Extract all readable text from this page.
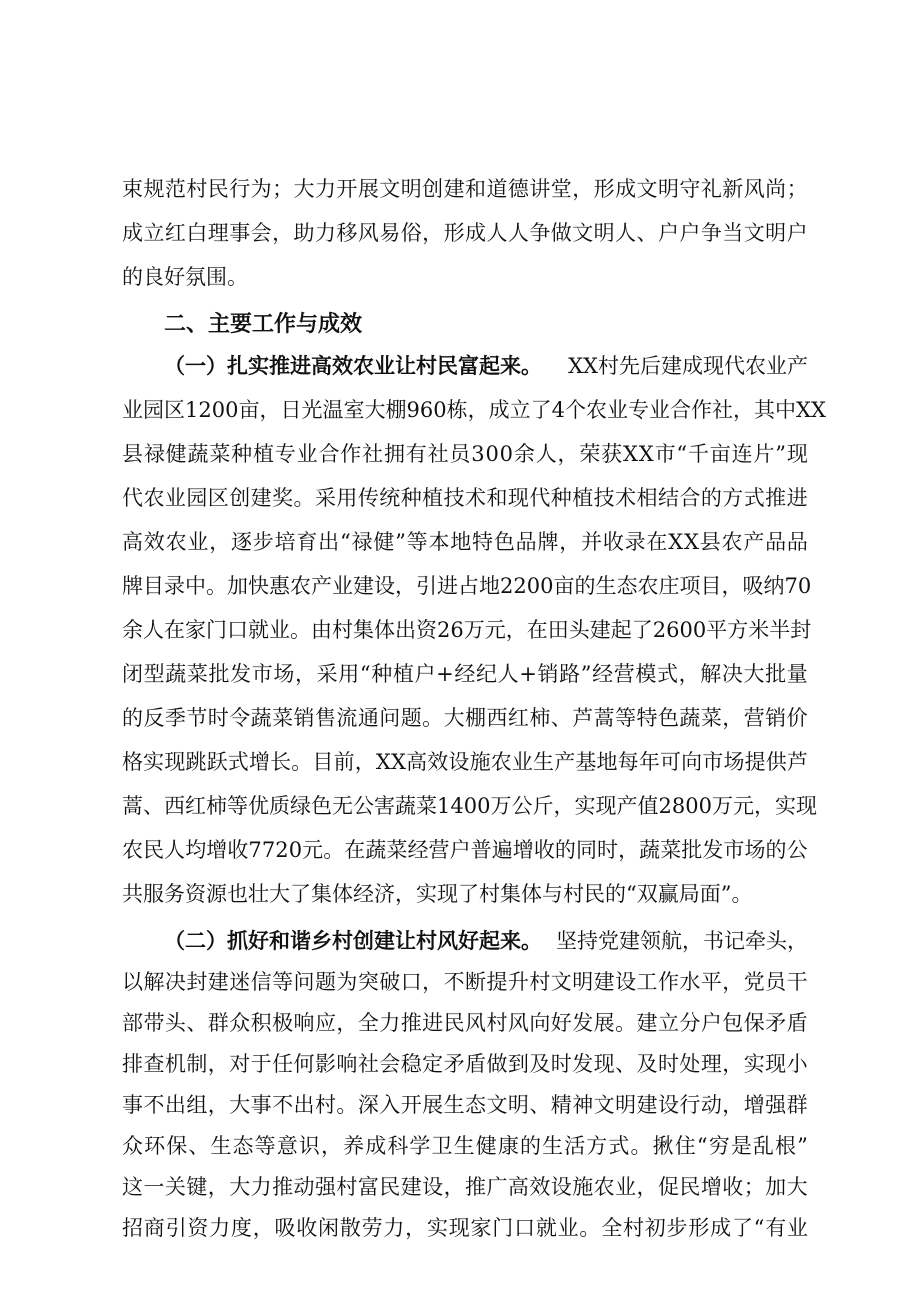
束 规 范 村 民 行 为 ； 大 力 开 展 文 明 创 建 和 道 德 讲 堂 ， 形 成 文 明 守 礼 新 风 尚 ；
成 立 红 白 理 事 会 ， 助 力 移 风 易 俗 ， 形 成 人 人 争 做 文 明 人 、 户 户 争 当 文 明 户
的良好氛围。
二、主要工作与成效
（一）扎实推进高效农业让村民富起来。 XX村先后建成现代农业产
业 园 区 1 2 0 0 亩 ， 日 光 温 室 大 棚 9 6 0 栋 ， 成 立 了 4 个 农 业 专 业 合 作 社 ， 其 中 X X
县 禄 健 蔬 菜 种 植 专 业 合 作 社 拥 有 社 员 3 0 0 余 人 ， 荣 获 X X 市 “ 千 亩 连 片 ” 现
代 农 业 园 区 创 建 奖 。 采 用 传 统 种 植 技 术 和 现 代 种 植 技 术 相 结 合 的 方 式 推 进
高 效 农 业 ， 逐 步 培 育 出 “ 禄 健 ” 等 本 地 特 色 品 牌 ， 并 收 录 在 X X 县 农 产 品 品
牌 目 录 中 。 加 快 惠 农 产 业 建 设 ， 引 进 占 地 2 2 0 0 亩 的 生 态 农 庄 项 目 ， 吸 纳 7 0
余 人 在 家 门 口 就 业 。 由 村 集 体 出 资 2 6 万 元 ， 在 田 头 建 起 了 2 6 0 0 平 方 米 半 封
闭 型 蔬 菜 批 发 市 场 ， 采 用 “ 种 植 户 + 经 纪 人 + 销 路 ” 经 营 模 式 ， 解 决 大 批 量
的 反 季 节 时 令 蔬 菜 销 售 流 通 问 题 。 大 棚 西 红 柿 、 芦 蒿 等 特 色 蔬 菜 ， 营 销 价
格 实 现 跳 跃 式 增 长 。 目 前 ， X X 高 效 设 施 农 业 生 产 基 地 每 年 可 向 市 场 提 供 芦
蒿 、 西 红 柿 等 优 质 绿 色 无 公 害 蔬 菜 1 4 0 0 万 公 斤 ， 实 现 产 值 2 8 0 0 万 元 ， 实 现
农 民 人 均 增 收 7 7 2 0 元 。 在 蔬 菜 经 营 户 普 遍 增 收 的 同 时 ， 蔬 菜 批 发 市 场 的 公
共服务资源也壮大了集体经济，实现了村集体与村民的“双赢局面”。
（二）抓好和谐乡村创建让村风好起来。 坚持党建领航，书记牵头，
以 解 决 封 建 迷 信 等 问 题 为 突 破 口 ， 不 断 提 升 村 文 明 建 设 工 作 水 平 ， 党 员 干
部 带 头 、 群 众 积 极 响 应 ， 全 力 推 进 民 风 村 风 向 好 发 展 。 建 立 分 户 包 保 矛 盾
排 查 机 制 ， 对 于 任 何 影 响 社 会 稳 定 矛 盾 做 到 及 时 发 现 、 及 时 处 理 ， 实 现 小
事 不 出 组 ， 大 事 不 出 村 。 深 入 开 展 生 态 文 明 、 精 神 文 明 建 设 行 动 ， 增 强 群
众 环 保 、 生 态 等 意 识 ， 养 成 科 学 卫 生 健 康 的 生 活 方 式 。 揪 住 “ 穷 是 乱 根 ”
这 一 关 键 ， 大 力 推 动 强 村 富 民 建 设 ， 推 广 高 效 设 施 农 业 ， 促 民 增 收 ； 加 大
招 商 引 资 力 度 ， 吸 收 闲 散 劳 力 ， 实 现 家 门 口 就 业 。 全 村 初 步 形 成 了 “ 有 业
